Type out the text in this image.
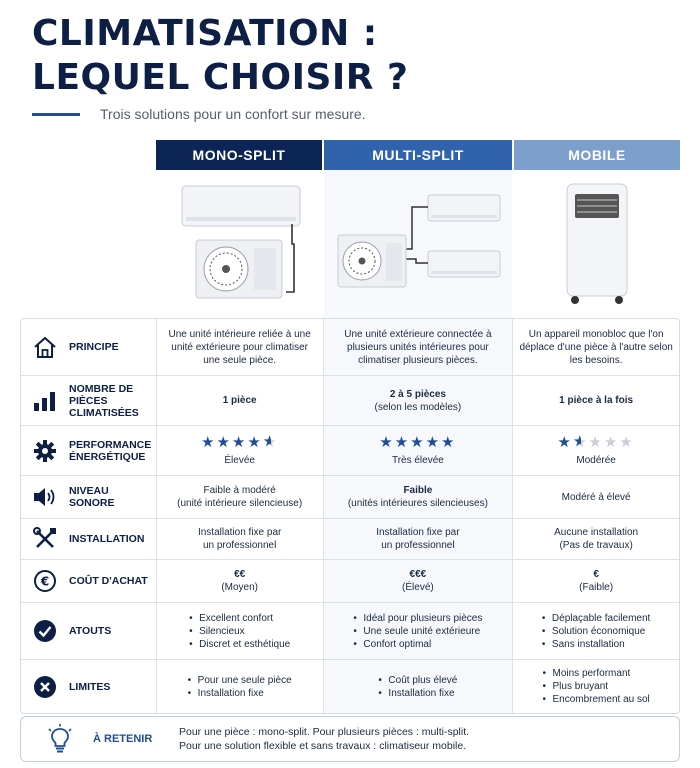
CLIMATISATION :
LEQUEL CHOISIR ?
Trois solutions pour un confort sur mesure.
MONO-SPLIT	MULTI-SPLIT	MOBILE
PRINCIPE
Une unité intérieure reliée à une unité extérieure pour climatiser une seule pièce.
Une unité extérieure connectée à plusieurs unités intérieures pour climatiser plusieurs pièces.
Un appareil monobloc que l'on déplace d'une pièce à l'autre selon les besoins.
NOMBRE DE PIÈCES CLIMATISÉES
1 pièce
2 à 5 pièces
(selon les modèles)
1 pièce à la fois
PERFORMANCE ÉNERGÉTIQUE
★★★★★ ★
Élevée
★★★★★
Très élevée
★★ ★★★★
Modérée
NIVEAU SONORE
Faible à modéré
(unité intérieure silencieuse)
Faible
(unités intérieures silencieuses)
Modéré à élevé
INSTALLATION
Installation fixe par
un professionnel
Installation fixe par
un professionnel
Aucune installation
(Pas de travaux)
€ COÛT D'ACHAT
€€
(Moyen)
€€€
(Élevé)
€
(Faible)
ATOUTS
• Excellent confort
• Silencieux
• Discret et esthétique
• Idéal pour plusieurs pièces
• Une seule unité extérieure
• Confort optimal
• Déplaçable facilement
• Solution économique
• Sans installation
LIMITES
• Pour une seule pièce
• Installation fixe
• Coût plus élevé
• Installation fixe
• Moins performant
• Plus bruyant
• Encombrement au sol
À RETENIR
Pour une pièce : mono-split. Pour plusieurs pièces : multi-split.
Pour une solution flexible et sans travaux : climatiseur mobile.
